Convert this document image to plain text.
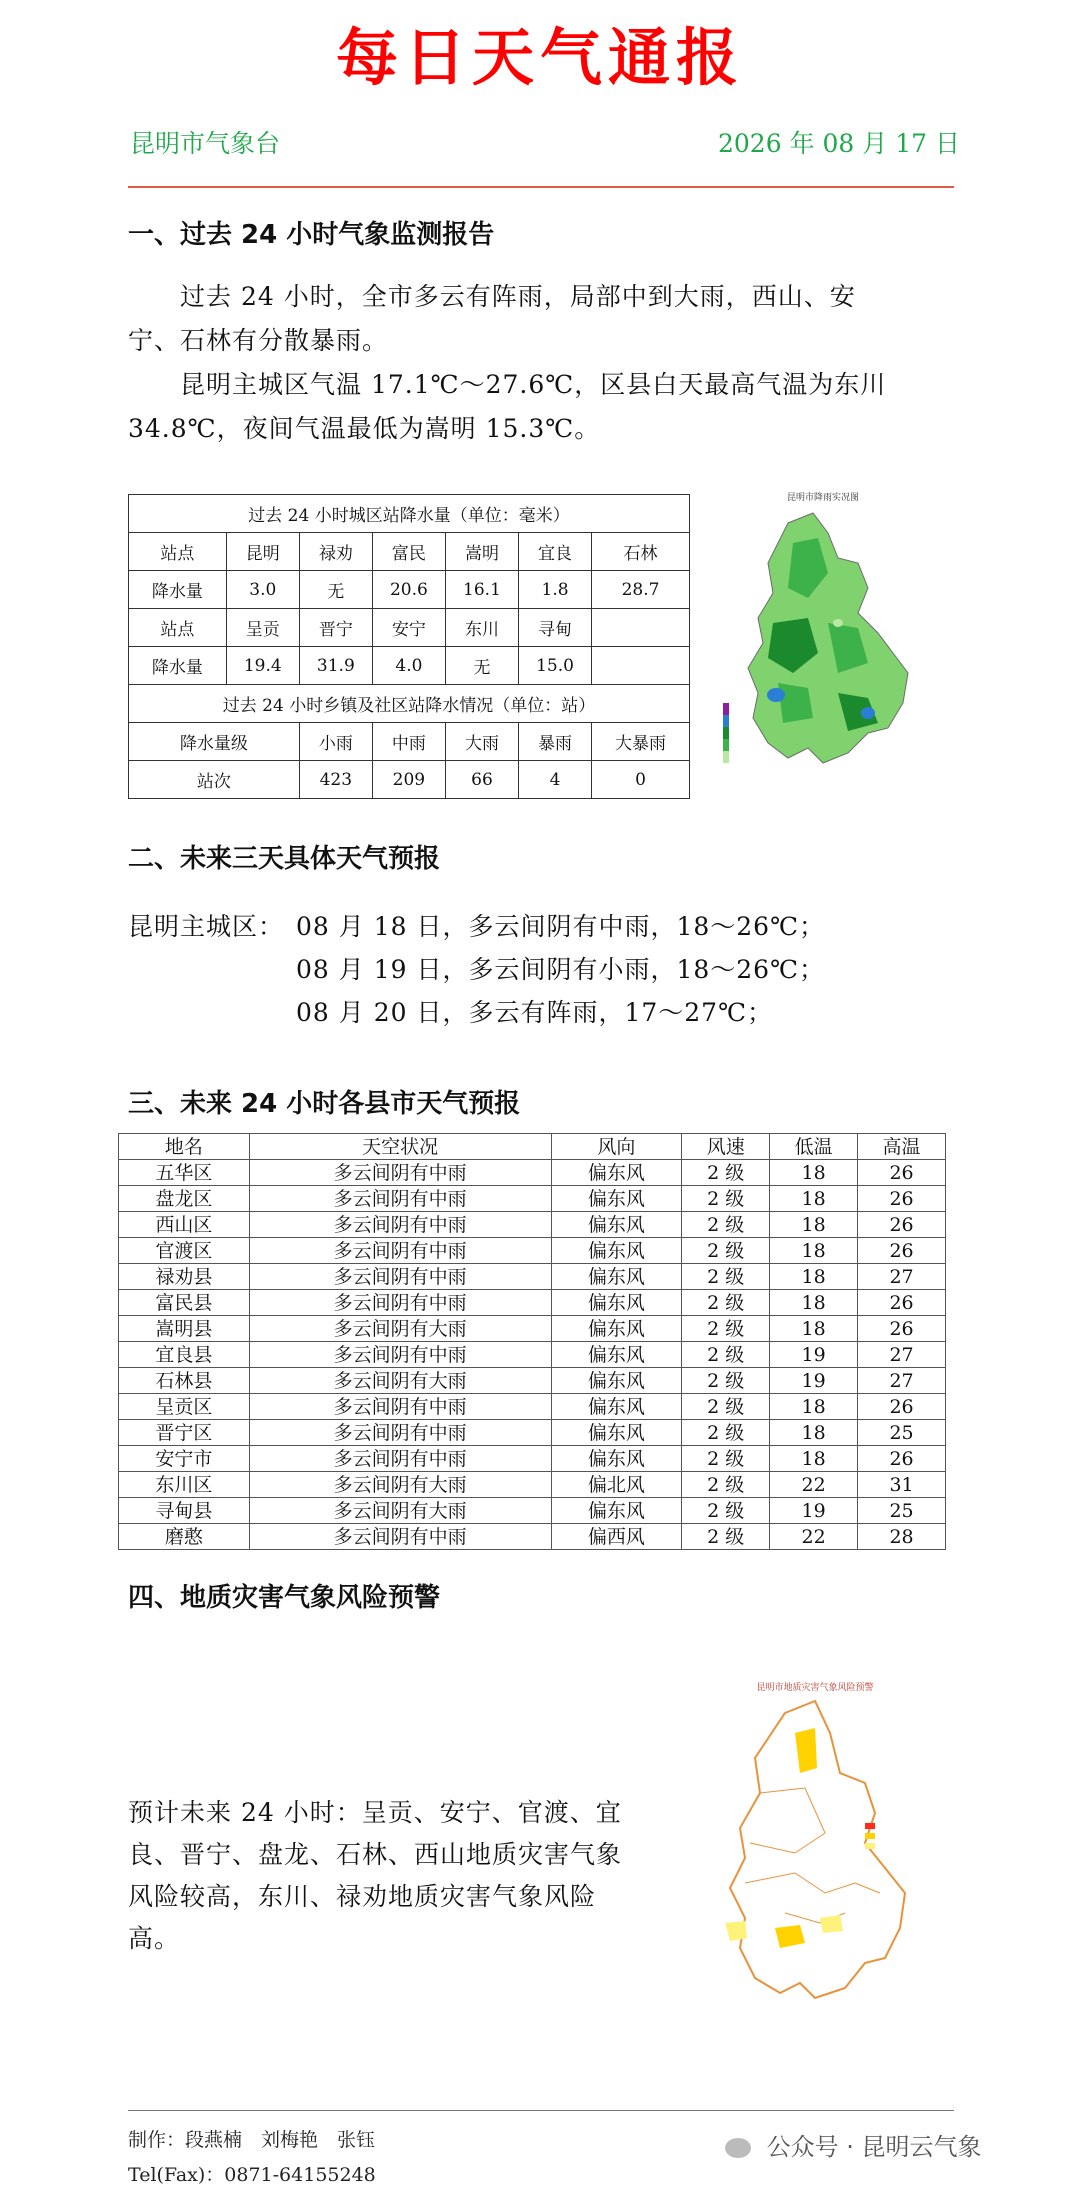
每日天气通报
昆明市气象台	2026 年 08 月 17 日
一、过去 24 小时气象监测报告
　　过去 24 小时，全市多云有阵雨，局部中到大雨，西山、安
宁、石林有分散暴雨。
　　昆明主城区气温 17.1℃～27.6℃，区县白天最高气温为东川
34.8℃，夜间气温最低为嵩明 15.3℃。
过去 24 小时城区站降水量（单位：毫米）						
站点	昆明	禄劝	富民	嵩明	宜良	石林
降水量	3.0	无	20.6	16.1	1.8	28.7
站点	呈贡	晋宁	安宁	东川	寻甸	
降水量	19.4	31.9	4.0	无	15.0	
过去 24 小时乡镇及社区站降水情况（单位：站）						
降水量级		小雨	中雨	大雨	暴雨	大暴雨
站次		423	209	66	4	0
昆明市降雨实况图
二、未来三天具体天气预报
昆明主城区： 08 月 18 日，多云间阴有中雨，18～26℃；
08 月 19 日，多云间阴有小雨，18～26℃；
08 月 20 日，多云有阵雨，17～27℃；
三、未来 24 小时各县市天气预报
地名	天空状况	风向	风速	低温	高温
五华区	多云间阴有中雨	偏东风	2 级	18	26
盘龙区	多云间阴有中雨	偏东风	2 级	18	26
西山区	多云间阴有中雨	偏东风	2 级	18	26
官渡区	多云间阴有中雨	偏东风	2 级	18	26
禄劝县	多云间阴有中雨	偏东风	2 级	18	27
富民县	多云间阴有中雨	偏东风	2 级	18	26
嵩明县	多云间阴有大雨	偏东风	2 级	18	26
宜良县	多云间阴有中雨	偏东风	2 级	19	27
石林县	多云间阴有大雨	偏东风	2 级	19	27
呈贡区	多云间阴有中雨	偏东风	2 级	18	26
晋宁区	多云间阴有中雨	偏东风	2 级	18	25
安宁市	多云间阴有中雨	偏东风	2 级	18	26
东川区	多云间阴有大雨	偏北风	2 级	22	31
寻甸县	多云间阴有大雨	偏东风	2 级	19	25
磨憨	多云间阴有中雨	偏西风	2 级	22	28
四、地质灾害气象风险预警
预计未来 24 小时：呈贡、安宁、官渡、宜
良、晋宁、盘龙、石林、西山地质灾害气象
风险较高，东川、禄劝地质灾害气象风险
高。
昆明市地质灾害气象风险预警
制作：段燕楠　刘梅艳　张钰
Tel(Fax)：0871-64155248
公众号 · 昆明云气象
